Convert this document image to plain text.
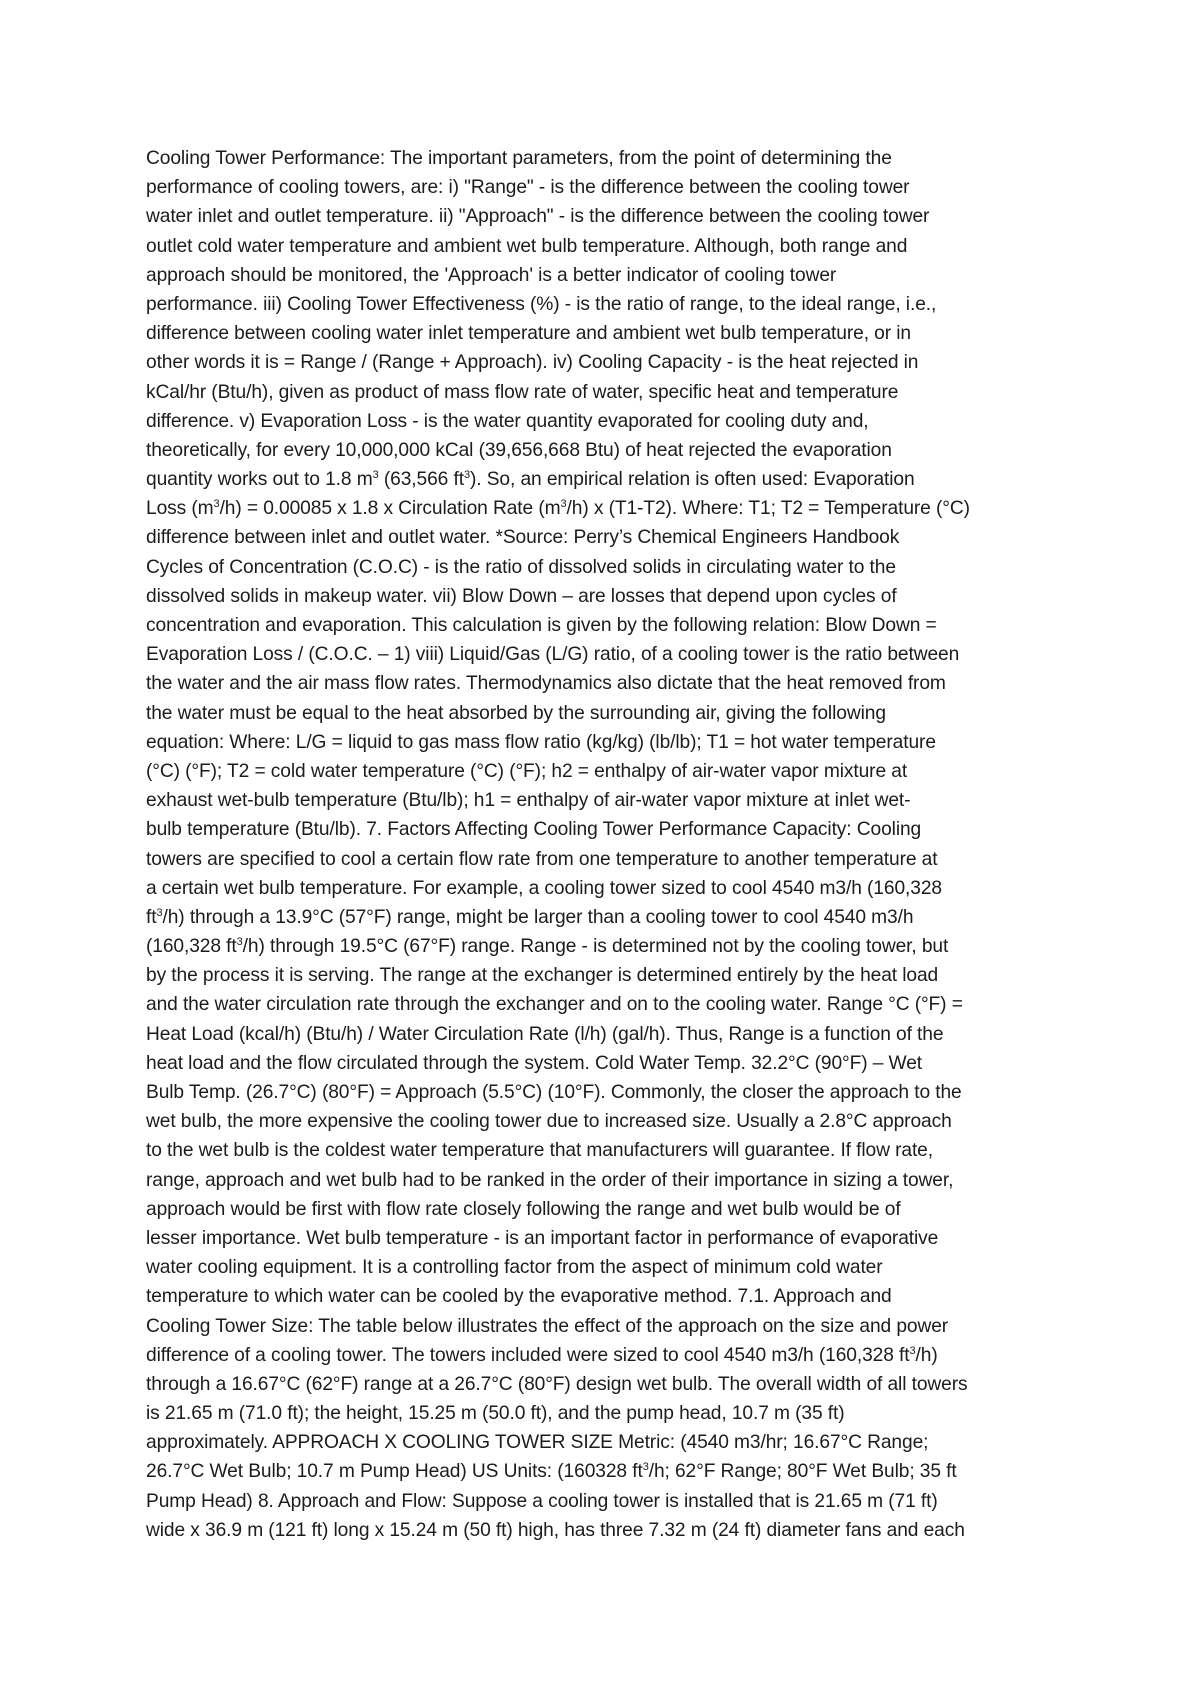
Cooling Tower Performance: The important parameters, from the point of determining the
performance of cooling towers, are: i) "Range" - is the difference between the cooling tower
water inlet and outlet temperature. ii) "Approach" - is the difference between the cooling tower
outlet cold water temperature and ambient wet bulb temperature. Although, both range and
approach should be monitored, the 'Approach' is a better indicator of cooling tower
performance. iii) Cooling Tower Effectiveness (%) - is the ratio of range, to the ideal range, i.e.,
difference between cooling water inlet temperature and ambient wet bulb temperature, or in
other words it is = Range / (Range + Approach). iv) Cooling Capacity - is the heat rejected in
kCal/hr (Btu/h), given as product of mass flow rate of water, specific heat and temperature
difference. v) Evaporation Loss - is the water quantity evaporated for cooling duty and,
theoretically, for every 10,000,000 kCal (39,656,668 Btu) of heat rejected the evaporation
quantity works out to 1.8 $m^3$ (63,566 $ft^3$). So, an empirical relation is often used: Evaporation
Loss $(m^3/h) = 0.00085$ x 1.8 x Circulation Rate $(m^3/h)$ x (T1-T2). Where: T1; T2 = Temperature (°C)
difference between inlet and outlet water. *Source: Perry’s Chemical Engineers Handbook
Cycles of Concentration (C.O.C) - is the ratio of dissolved solids in circulating water to the
dissolved solids in makeup water. vii) Blow Down – are losses that depend upon cycles of
concentration and evaporation. This calculation is given by the following relation: Blow Down =
Evaporation Loss / (C.O.C. – 1) viii) Liquid/Gas (L/G) ratio, of a cooling tower is the ratio between
the water and the air mass flow rates. Thermodynamics also dictate that the heat removed from
the water must be equal to the heat absorbed by the surrounding air, giving the following
equation: Where: L/G = liquid to gas mass flow ratio (kg/kg) (lb/lb); T1 = hot water temperature
(°C) (°F); T2 = cold water temperature (°C) (°F); h2 = enthalpy of air-water vapor mixture at
exhaust wet-bulb temperature (Btu/lb); h1 = enthalpy of air-water vapor mixture at inlet wet-
bulb temperature (Btu/lb). 7. Factors Affecting Cooling Tower Performance Capacity: Cooling
towers are specified to cool a certain flow rate from one temperature to another temperature at
a certain wet bulb temperature. For example, a cooling tower sized to cool 4540 m3/h (160,328
$ft^3/h$) through a 13.9°C (57°F) range, might be larger than a cooling tower to cool 4540 m3/h
(160,328 $ft^3/h$) through 19.5°C (67°F) range. Range - is determined not by the cooling tower, but
by the process it is serving. The range at the exchanger is determined entirely by the heat load
and the water circulation rate through the exchanger and on to the cooling water. Range °C (°F) =
Heat Load (kcal/h) (Btu/h) / Water Circulation Rate (l/h) (gal/h). Thus, Range is a function of the
heat load and the flow circulated through the system. Cold Water Temp. 32.2°C (90°F) – Wet
Bulb Temp. (26.7°C) (80°F) = Approach (5.5°C) (10°F). Commonly, the closer the approach to the
wet bulb, the more expensive the cooling tower due to increased size. Usually a 2.8°C approach
to the wet bulb is the coldest water temperature that manufacturers will guarantee. If flow rate,
range, approach and wet bulb had to be ranked in the order of their importance in sizing a tower,
approach would be first with flow rate closely following the range and wet bulb would be of
lesser importance. Wet bulb temperature - is an important factor in performance of evaporative
water cooling equipment. It is a controlling factor from the aspect of minimum cold water
temperature to which water can be cooled by the evaporative method. 7.1. Approach and
Cooling Tower Size: The table below illustrates the effect of the approach on the size and power
difference of a cooling tower. The towers included were sized to cool 4540 m3/h (160,328 $ft^3/h$)
through a 16.67°C (62°F) range at a 26.7°C (80°F) design wet bulb. The overall width of all towers
is 21.65 m (71.0 ft); the height, 15.25 m (50.0 ft), and the pump head, 10.7 m (35 ft)
approximately. APPROACH X COOLING TOWER SIZE Metric: (4540 m3/hr; 16.67°C Range;
26.7°C Wet Bulb; 10.7 m Pump Head) US Units: (160328 $ft^3/h$; 62°F Range; 80°F Wet Bulb; 35 ft
Pump Head) 8. Approach and Flow: Suppose a cooling tower is installed that is 21.65 m (71 ft)
wide x 36.9 m (121 ft) long x 15.24 m (50 ft) high, has three 7.32 m (24 ft) diameter fans and each
